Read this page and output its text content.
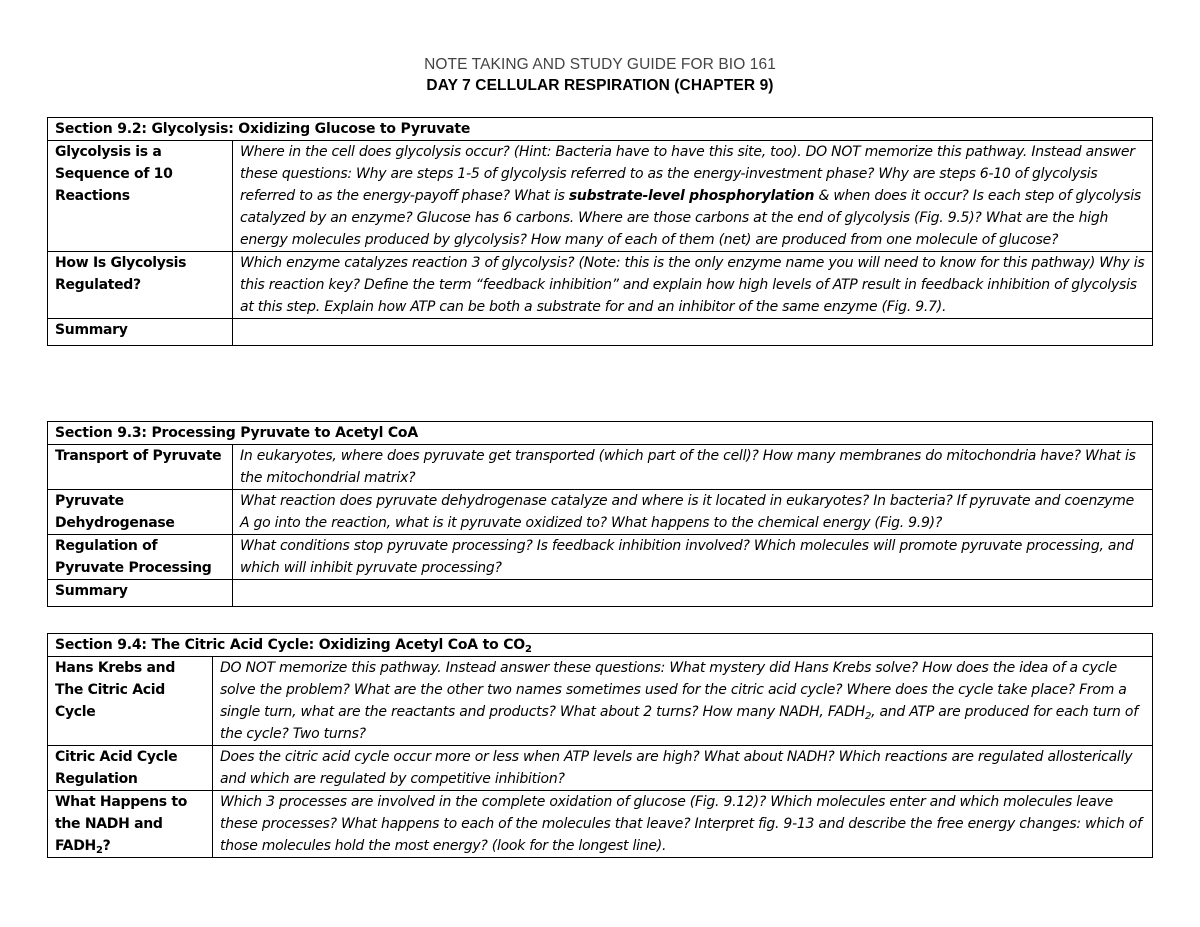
NOTE TAKING AND STUDY GUIDE FOR BIO 161
DAY 7 CELLULAR RESPIRATION (CHAPTER 9)
Section 9.2: Glycolysis: Oxidizing Glucose to Pyruvate	
Glycolysis is a Sequence of 10 Reactions	Where in the cell does glycolysis occur? (Hint: Bacteria have to have this site, too). DO NOT memorize this pathway. Instead answer these questions: Why are steps 1-5 of glycolysis referred to as the energy-investment phase? Why are steps 6-10 of glycolysis referred to as the energy-payoff phase? What is substrate-level phosphorylation & when does it occur? Is each step of glycolysis catalyzed by an enzyme? Glucose has 6 carbons. Where are those carbons at the end of glycolysis (Fig. 9.5)? What are the high energy molecules produced by glycolysis? How many of each of them (net) are produced from one molecule of glucose?
How Is Glycolysis Regulated?	Which enzyme catalyzes reaction 3 of glycolysis? (Note: this is the only enzyme name you will need to know for this pathway) Why is this reaction key? Define the term “feedback inhibition” and explain how high levels of ATP result in feedback inhibition of glycolysis at this step. Explain how ATP can be both a substrate for and an inhibitor of the same enzyme (Fig. 9.7).
Summary	
Section 9.3: Processing Pyruvate to Acetyl CoA	
Transport of Pyruvate	In eukaryotes, where does pyruvate get transported (which part of the cell)? How many membranes do mitochondria have? What is the mitochondrial matrix?
Pyruvate Dehydrogenase	What reaction does pyruvate dehydrogenase catalyze and where is it located in eukaryotes? In bacteria? If pyruvate and coenzyme A go into the reaction, what is it pyruvate oxidized to? What happens to the chemical energy (Fig. 9.9)?
Regulation of Pyruvate Processing	What conditions stop pyruvate processing? Is feedback inhibition involved? Which molecules will promote pyruvate processing, and which will inhibit pyruvate processing?
Summary	
Section 9.4: The Citric Acid Cycle: Oxidizing Acetyl CoA to $CO_2$
Hans Krebs and The Citric Acid Cycle	DO NOT memorize this pathway. Instead answer these questions: What mystery did Hans Krebs solve? How does the idea of a cycle solve the problem? What are the other two names sometimes used for the citric acid cycle? Where does the cycle take place? From a single turn, what are the reactants and products? What about 2 turns? How many NADH, $FADH_2$, and ATP are produced for each turn of the cycle? Two turns?
Citric Acid Cycle Regulation	Does the citric acid cycle occur more or less when ATP levels are high? What about NADH? Which reactions are regulated allosterically and which are regulated by competitive inhibition?
What Happens to the NADH and $FADH_2$?	Which 3 processes are involved in the complete oxidation of glucose (Fig. 9.12)? Which molecules enter and which molecules leave these processes? What happens to each of the molecules that leave? Interpret fig. 9-13 and describe the free energy changes: which of those molecules hold the most energy? (look for the longest line).
